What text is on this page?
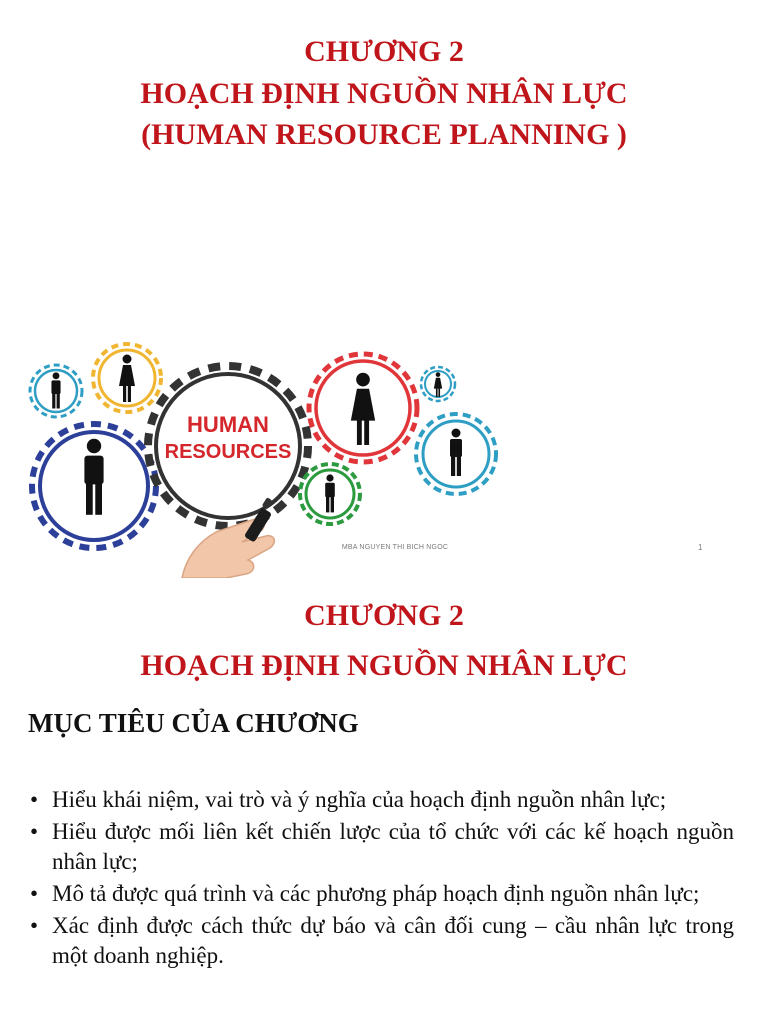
CHƯƠNG 2
HOẠCH ĐỊNH NGUỒN NHÂN LỰC
(HUMAN RESOURCE PLANNING )
HUMAN
RESOURCES
MBA NGUYEN THI BICH NGOC	1
CHƯƠNG 2
HOẠCH ĐỊNH NGUỒN NHÂN LỰC
MỤC TIÊU CỦA CHƯƠNG
• Hiểu khái niệm, vai trò và ý nghĩa của hoạch định nguồn nhân lực;
• Hiểu được mối liên kết chiến lược của tổ chức với các kế hoạch nguồn nhân lực;
• Mô tả được quá trình và các phương pháp hoạch định nguồn nhân lực;
• Xác định được cách thức dự báo và cân đối cung – cầu nhân lực trong một doanh nghiệp.
